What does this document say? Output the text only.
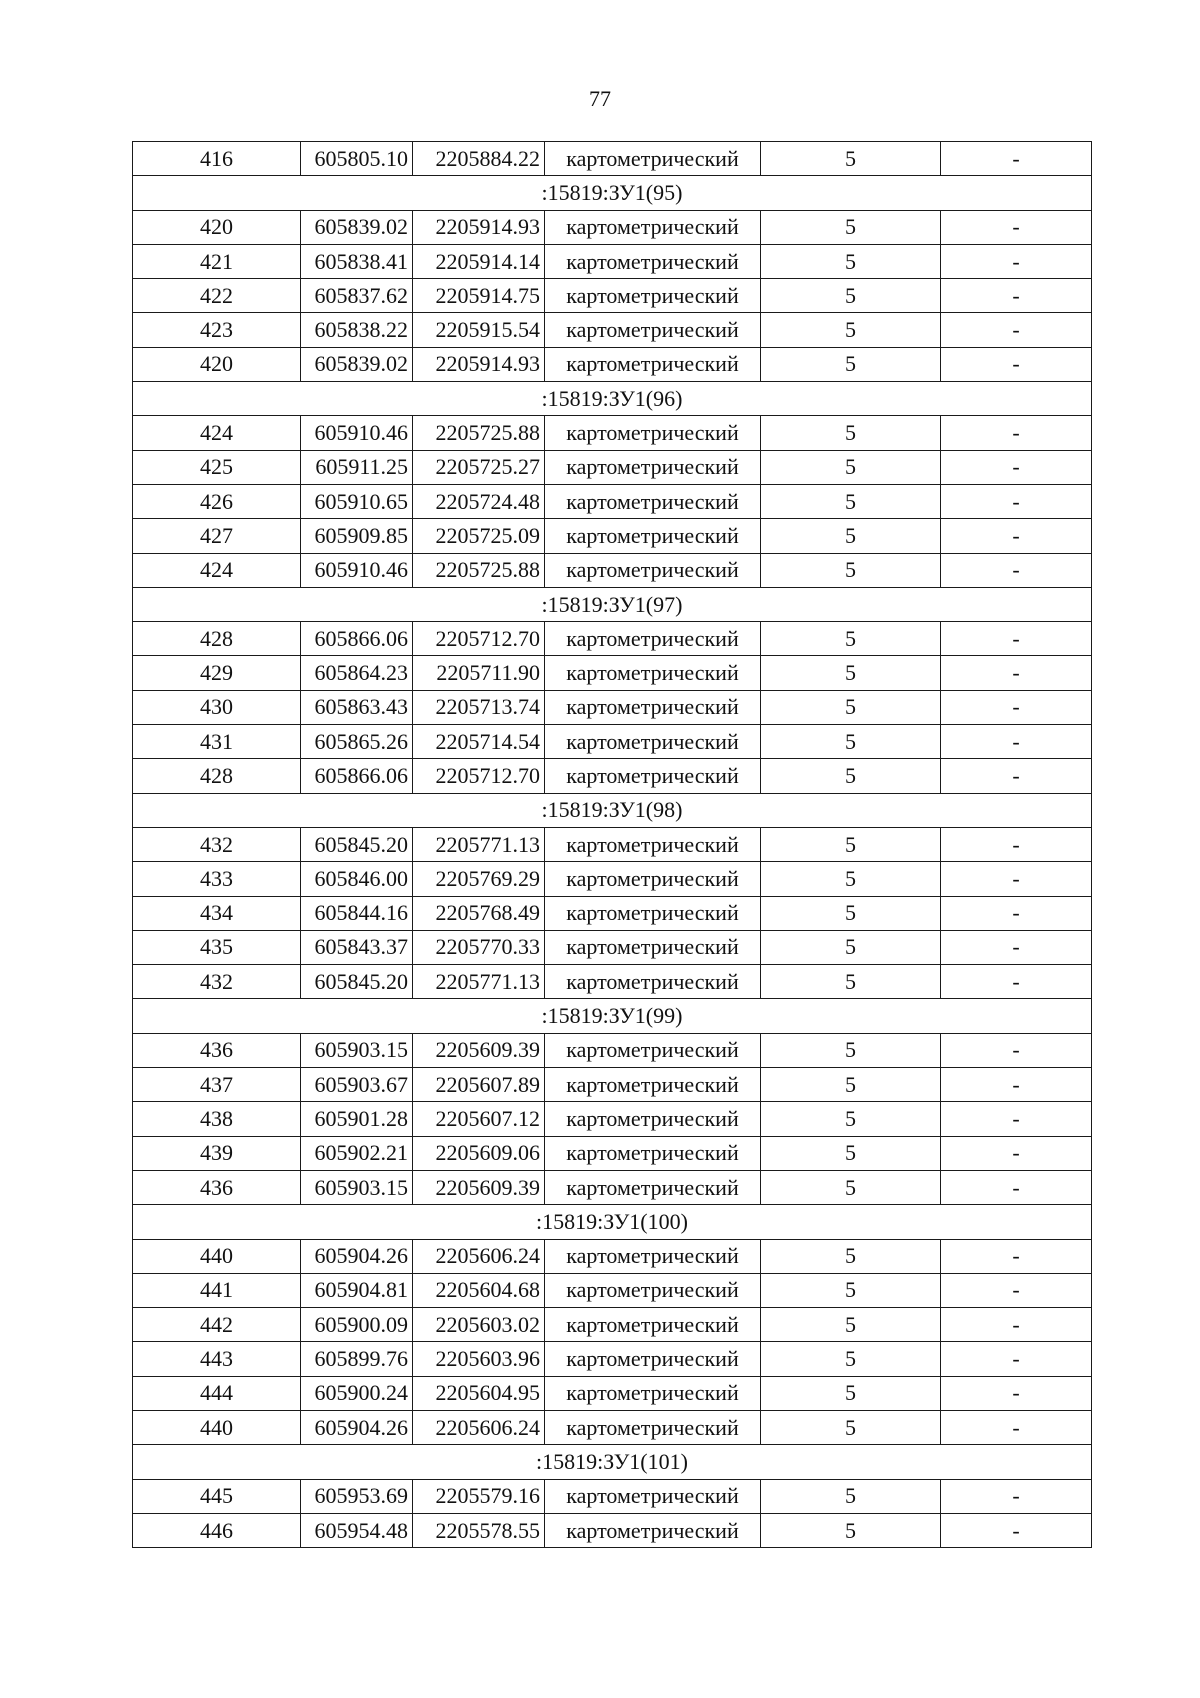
77
416	605805.10	2205884.22	картометрический	5	-
:15819:ЗУ1(95)					
420	605839.02	2205914.93	картометрический	5	-
421	605838.41	2205914.14	картометрический	5	-
422	605837.62	2205914.75	картометрический	5	-
423	605838.22	2205915.54	картометрический	5	-
420	605839.02	2205914.93	картометрический	5	-
:15819:ЗУ1(96)					
424	605910.46	2205725.88	картометрический	5	-
425	605911.25	2205725.27	картометрический	5	-
426	605910.65	2205724.48	картометрический	5	-
427	605909.85	2205725.09	картометрический	5	-
424	605910.46	2205725.88	картометрический	5	-
:15819:ЗУ1(97)					
428	605866.06	2205712.70	картометрический	5	-
429	605864.23	2205711.90	картометрический	5	-
430	605863.43	2205713.74	картометрический	5	-
431	605865.26	2205714.54	картометрический	5	-
428	605866.06	2205712.70	картометрический	5	-
:15819:ЗУ1(98)					
432	605845.20	2205771.13	картометрический	5	-
433	605846.00	2205769.29	картометрический	5	-
434	605844.16	2205768.49	картометрический	5	-
435	605843.37	2205770.33	картометрический	5	-
432	605845.20	2205771.13	картометрический	5	-
:15819:ЗУ1(99)					
436	605903.15	2205609.39	картометрический	5	-
437	605903.67	2205607.89	картометрический	5	-
438	605901.28	2205607.12	картометрический	5	-
439	605902.21	2205609.06	картометрический	5	-
436	605903.15	2205609.39	картометрический	5	-
:15819:ЗУ1(100)					
440	605904.26	2205606.24	картометрический	5	-
441	605904.81	2205604.68	картометрический	5	-
442	605900.09	2205603.02	картометрический	5	-
443	605899.76	2205603.96	картометрический	5	-
444	605900.24	2205604.95	картометрический	5	-
440	605904.26	2205606.24	картометрический	5	-
:15819:ЗУ1(101)					
445	605953.69	2205579.16	картометрический	5	-
446	605954.48	2205578.55	картометрический	5	-
